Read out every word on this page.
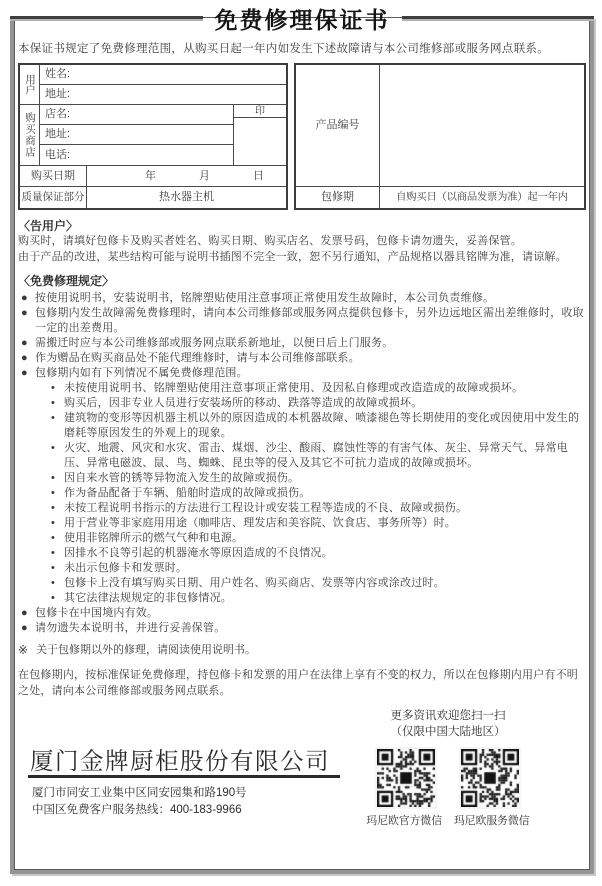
免费修理保证书
本保证书规定了免费修理范围，从购买日起一年内如发生下述故障请与本公司维修部或服务网点联系。
用户 姓名:
地址:
购买商店 店名:	印
地址:
电话:
购买日期	年	月	日
质量保证部分	热水器主机
产品编号
包修期	自购买日（以商品发票为准）起一年内
〈告用户〉
购买时，请填好包修卡及购买者姓名、购买日期、购买店名、发票号码，包修卡请勿遗失，妥善保管。
由于产品的改进，某些结构可能与说明书插图不完全一致，恕不另行通知，产品规格以器具铭牌为准，请谅解。
〈免费修理规定〉
● 按使用说明书，安装说明书，铭牌塑贴使用注意事项正常使用发生故障时，本公司负责维修。
● 包修期内发生故障需免费修理时，请向本公司维修部或服务网点提供包修卡，另外边远地区需出差维修时，收取一定的出差费用。
● 需搬迁时应与本公司维修部或服务网点联系新地址，以便日后上门服务。
● 作为赠品在购买商品处不能代理维修时，请与本公司维修部联系。
● 包修期内如有下列情况不属免费修理范围。
• 未按使用说明书、铭牌塑贴使用注意事项正常使用、及因私自修理或改造造成的故障或损坏。
• 购买后，因非专业人员进行安装场所的移动、跌落等造成的故障或损坏。
• 建筑物的变形等因机器主机以外的原因造成的本机器故障、喷漆褪色等长期使用的变化或因使用中发生的磨耗等原因发生的外观上的现象。
• 火灾、地震、风灾和水灾、雷击、煤烟、沙尘、酸雨、腐蚀性等的有害气体、灰尘、异常天气、异常电压、异常电磁波、鼠、鸟、蜘蛛、昆虫等的侵入及其它不可抗力造成的故障或损坏。
• 因自来水管的锈等异物流入发生的故障或损伤。
• 作为备品配备于车辆、船舶时造成的故障或损伤。
• 未按工程说明书指示的方法进行工程设计或安装工程等造成的不良、故障或损伤。
• 用于营业等非家庭用用途（咖啡店、理发店和美容院、饮食店、事务所等）时。
• 使用非铭牌所示的燃气气种和电源。
• 因排水不良等引起的机器淹水等原因造成的不良情况。
• 未出示包修卡和发票时。
• 包修卡上没有填写购买日期、用户姓名、购买商店、发票等内容或涂改过时。
• 其它法律法规规定的非包修情况。
● 包修卡在中国境内有效。
● 请勿遗失本说明书，并进行妥善保管。
※ 关于包修期以外的修理，请阅读使用说明书。
在包修期内，按标准保证免费修理，持包修卡和发票的用户在法律上享有不变的权力，所以在包修期内用户有不明之处，请向本公司维修部或服务网点联系。
更多资讯欢迎您扫一扫
（仅限中国大陆地区）
玛尼欧官方微信 玛尼欧服务微信
厦门金牌厨柜股份有限公司
厦门市同安工业集中区同安园集和路190号
中国区免费客户服务热线：400-183-9966
